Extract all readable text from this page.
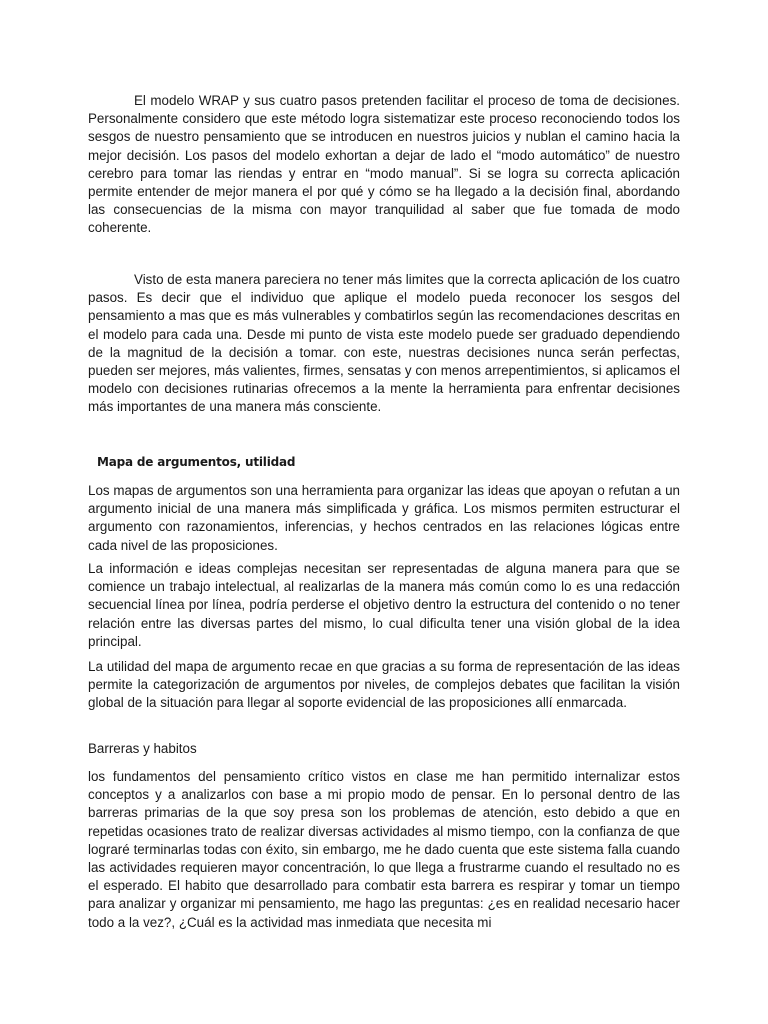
El modelo WRAP y sus cuatro pasos pretenden facilitar el proceso de toma de decisiones. Personalmente considero que este método logra sistematizar este proceso reconociendo todos los sesgos de nuestro pensamiento que se introducen en nuestros juicios y nublan el camino hacia la mejor decisión. Los pasos del modelo exhortan a dejar de lado el “modo automático” de nuestro cerebro para tomar las riendas y entrar en “modo manual”. Si se logra su correcta aplicación permite entender de mejor manera el por qué y cómo se ha llegado a la decisión final, abordando las consecuencias de la misma con mayor tranquilidad al saber que fue tomada de modo coherente.

Visto de esta manera pareciera no tener más limites que la correcta aplicación de los cuatro pasos. Es decir que el individuo que aplique el modelo pueda reconocer los sesgos del pensamiento a mas que es más vulnerables y combatirlos según las recomendaciones descritas en el modelo para cada una. Desde mi punto de vista este modelo puede ser graduado dependiendo de la magnitud de la decisión a tomar. con este, nuestras decisiones nunca serán perfectas, pueden ser mejores, más valientes, firmes, sensatas y con menos arrepentimientos, si aplicamos el modelo con decisiones rutinarias ofrecemos a la mente la herramienta para enfrentar decisiones más importantes de una manera más consciente.

Mapa de argumentos, utilidad

Los mapas de argumentos son una herramienta para organizar las ideas que apoyan o refutan a un argumento inicial de una manera más simplificada y gráfica. Los mismos permiten estructurar el argumento con razonamientos, inferencias, y hechos centrados en las relaciones lógicas entre cada nivel de las proposiciones.

La información e ideas complejas necesitan ser representadas de alguna manera para que se comience un trabajo intelectual, al realizarlas de la manera más común como lo es una redacción secuencial línea por línea, podría perderse el objetivo dentro la estructura del contenido o no tener relación entre las diversas partes del mismo, lo cual dificulta tener una visión global de la idea principal.

La utilidad del mapa de argumento recae en que gracias a su forma de representación de las ideas permite la categorización de argumentos por niveles, de complejos debates que facilitan la visión global de la situación para llegar al soporte evidencial de las proposiciones allí enmarcada.

Barreras y habitos

los fundamentos del pensamiento crítico vistos en clase me han permitido internalizar estos conceptos y a analizarlos con base a mi propio modo de pensar. En lo personal dentro de las barreras primarias de la que soy presa son los problemas de atención, esto debido a que en repetidas ocasiones trato de realizar diversas actividades al mismo tiempo, con la confianza de que lograré terminarlas todas con éxito, sin embargo, me he dado cuenta que este sistema falla cuando las actividades requieren mayor concentración, lo que llega a frustrarme cuando el resultado no es el esperado. El habito que desarrollado para combatir esta barrera es respirar y tomar un tiempo para analizar y organizar mi pensamiento, me hago las preguntas: ¿es en realidad necesario hacer todo a la vez?, ¿Cuál es la actividad mas inmediata que necesita mi
